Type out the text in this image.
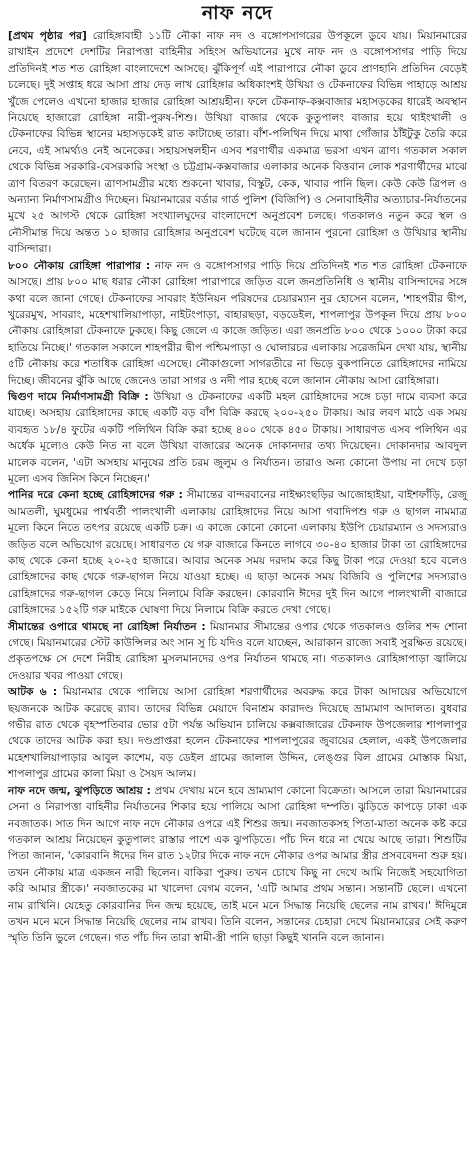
নাফ নদে

[প্রথম পৃষ্ঠার পর] রোহিঙ্গাবাহী ১১টি নৌকা নাফ নদ ও বঙ্গোপসাগরের উপকূলে ডুবে যায়। মিয়ানমারের রাখাইন প্রদেশে দেশটির নিরাপত্তা বাহিনীর সহিংস অভিযানের মুখে নাফ নদ ও বঙ্গোপসাগর পাড়ি দিয়ে প্রতিদিনই শত শত রোহিঙ্গা বাংলাদেশে আসছে। ঝুঁকিপূর্ণ এই পারাপারে নৌকা ডুবে প্রাণহানি প্রতিদিন বেড়েই চলেছে। দুই সপ্তাহ ধরে আসা প্রায় দেড় লাখ রোহিঙ্গার অধিকাংশই উখিয়া ও টেকনাফের বিভিন্ন পাহাড়ে আশ্রয় খুঁজে পেলেও এখনো হাজার হাজার রোহিঙ্গা আশ্রয়হীন। ফলে টেকনাফ-কক্সবাজার মহাসড়কের ধারেই অবস্থান নিয়েছে হাজারো রোহিঙ্গা নারী-পুরুষ-শিশু। উখিয়া বাজার থেকে কুতুপালং বাজার হয়ে থাইংখালী ও টেকনাফের বিভিন্ন স্থানের মহাসড়কেই রাত কাটাচ্ছে তারা। বাঁশ-পলিথিন দিয়ে মাথা গোঁজার ঠাঁইটুকু তৈরি করে নেবে, এই সামর্থ্যও নেই অনেকের। সহায়সম্বলহীন এসব শরণার্থীর একমাত্র ভরসা এখন ত্রাণ। গতকাল সকাল থেকে বিভিন্ন সরকারি-বেসরকারি সংস্থা ও চট্টগ্রাম-কক্সবাজার এলাকার অনেক বিত্তবান লোক শরণার্থীদের মাঝে ত্রাণ বিতরণ করেছেন। ত্রাণসামগ্রীর মধ্যে শুকনো খাবার, বিস্কুট, কেক, খাবার পানি ছিল। কেউ কেউ ত্রিপল ও অন্যান্য নির্মাণসামগ্রীও দিচ্ছেন। মিয়ানমারের বর্ডার গার্ড পুলিশ (বিজিপি) ও সেনাবাহিনীর অত্যাচার-নির্যাতনের মুখে ২৫ আগস্ট থেকে রোহিঙ্গা সংখ্যালঘুদের বাংলাদেশে অনুপ্রবেশ চলছে। গতকালও নতুন করে স্থল ও নৌসীমান্ত দিয়ে অন্তত ১০ হাজার রোহিঙ্গার অনুপ্রবেশ ঘটেছে বলে জানান পুরনো রোহিঙ্গা ও উখিয়ার স্থানীয় বাসিন্দারা।

৮০০ নৌকায় রোহিঙ্গা পারাপার : নাফ নদ ও বঙ্গোপসাগর পাড়ি দিয়ে প্রতিদিনই শত শত রোহিঙ্গা টেকনাফে আসছে। প্রায় ৮০০ মাছ ধরার নৌকা রোহিঙ্গা পারাপারে জড়িত বলে জনপ্রতিনিধি ও স্থানীয় বাসিন্দাদের সঙ্গে কথা বলে জানা গেছে। টেকনাফের সাবরাং ইউনিয়ন পরিষদের চেয়ারম্যান নুর হোসেন বলেন, 'শাহপরীর দ্বীপ, খুরেরমুখ, সাবরাং, মহেশখালিয়াপাড়া, নাইটংপাড়া, বাহারছড়া, বড়ডেইল, শাপলাপুর উপকূল দিয়ে প্রায় ৮০০ নৌকায় রোহিঙ্গারা টেকনাফে ঢুকছে। কিছু জেলে এ কাজে জড়িত। এরা জনপ্রতি ৮০০ থেকে ১০০০ টাকা করে হাতিয়ে নিচ্ছে।' গতকাল সকালে শাহপরীর দ্বীপ পশ্চিমপাড়া ও ঘোলারচর এলাকায় সরেজমিন দেখা যায়, স্থানীয় ৫টি নৌকায় করে শতাধিক রোহিঙ্গা এসেছে। নৌকাগুলো সাগরতীরে না ভিড়ে বুকপানিতে রোহিঙ্গাদের নামিয়ে দিচ্ছে। জীবনের ঝুঁকি আছে জেনেও তারা সাগর ও নদী পার হচ্ছে বলে জানান নৌকায় আসা রোহিঙ্গারা।

দ্বিগুণ দামে নির্মাণসামগ্রী বিক্রি : উখিয়া ও টেকনাফের একটি মহল রোহিঙ্গাদের সঙ্গে চড়া দামে ব্যবসা করে যাচ্ছে। অসহায় রোহিঙ্গাদের কাছে একটি বড় বাঁশ বিক্রি করছে ২০০-২৫০ টাকায়। আর লবণ মাঠে এক সময় ব্যবহৃত ১৮/৪ ফুটের একটি পলিথিন বিক্রি করা হচ্ছে ৪০০ থেকে ৪৫০ টাকায়। সাধারণত এসব পলিথিন এর অর্ধেক মূল্যেও কেউ নিত না বলে উখিয়া বাজারের অনেক দোকানদার তথ্য দিয়েছেন। দোকানদার আবদুল মালেক বলেন, 'এটা অসহায় মানুষের প্রতি চরম জুলুম ও নির্যাতন। তারাও অন্য কোনো উপায় না দেখে চড়া মূল্যে এসব জিনিস কিনে নিচ্ছেন।'

পানির দরে কেনা হচ্ছে রোহিঙ্গাদের গরু : সীমান্তের বান্দরবানের নাইক্ষ্যংছড়ির আজোহাইয়া, বাইশফাঁড়ি, রেজু আমতলী, ঘুমধুমের পার্শ্ববর্তী পালংখালী এলাকায় রোহিঙ্গাদের নিয়ে আসা গবাদিপশু গরু ও ছাগল নামমাত্র মূল্যে কিনে নিতে তৎপর রয়েছে একটি চক্র। এ কাজে কোনো কোনো এলাকায় ইউপি চেয়ারম্যান ও সদস্যরাও জড়িত বলে অভিযোগ রয়েছে। সাধারণত যে গরু বাজারে কিনতে লাগবে ৩০-৪০ হাজার টাকা তা রোহিঙ্গাদের কাছ থেকে কেনা হচ্ছে ২০-২৫ হাজারে। আবার অনেক সময় দরদাম করে কিছু টাকা পরে দেওয়া হবে বলেও রোহিঙ্গাদের কাছ থেকে গরু-ছাগল নিয়ে যাওয়া হচ্ছে। এ ছাড়া অনেক সময় বিজিবি ও পুলিশের সদস্যরাও রোহিঙ্গাদের গরু-ছাগল কেড়ে নিয়ে নিলামে বিক্রি করছেন। কোরবানি ঈদের দুই দিন আগে পালংখালী বাজারে রোহিঙ্গাদের ১৫২টি গরু মাইকে ঘোষণা দিয়ে নিলামে বিক্রি করতে দেখা গেছে।

সীমান্তের ওপারে থামছে না রোহিঙ্গা নির্যাতন : মিয়ানমার সীমান্তের ওপার থেকে গতকালও গুলির শব্দ শোনা গেছে। মিয়ানমারের স্টেট কাউন্সিলর অং সান সু চি যদিও বলে যাচ্ছেন, আরাকান রাজ্যে সবাই সুরক্ষিত রয়েছে। প্রকৃতপক্ষে সে দেশে নিরীহ রোহিঙ্গা মুসলমানদের ওপর নির্যাতন থামছে না। গতকালও রোহিঙ্গাপাড়া জ্বালিয়ে দেওয়ার খবর পাওয়া গেছে।

আটক ৬ : মিয়ানমার থেকে পালিয়ে আসা রোহিঙ্গা শরণার্থীদের অবরুদ্ধ করে টাকা আদায়ের অভিযোগে ছয়জনকে আটক করেছে র‌্যাব। তাদের বিভিন্ন মেয়াদে বিনাশ্রম কারাদণ্ড দিয়েছে ভ্রাম্যমাণ আদালত। বুধবার গভীর রাত থেকে বৃহস্পতিবার ভোর ৫টা পর্যন্ত অভিযান চালিয়ে কক্সবাজারের টেকনাফ উপজেলার শাপলাপুর থেকে তাদের আটক করা হয়। দণ্ডপ্রাপ্তরা হলেন টেকনাফের শাপলাপুরের জুবায়ের হেলাল, একই উপজেলার মহেশখালিয়াপাড়ার আবুল কাশেম, বড় ডেইল গ্রামের জালাল উদ্দিন, লেঙ্গুর বিল গ্রামের মোস্তাক মিয়া, শাপলাপুর গ্রামের কালা মিয়া ও সৈয়দ আলম।

নাফ নদে জন্ম, ঝুপড়িতে আশ্রয় : প্রথম দেখায় মনে হবে ভ্রাম্যমাণ কোনো বিক্রেতা। আসলে তারা মিয়ানমারের সেনা ও নিরাপত্তা বাহিনীর নির্যাতনের শিকার হয়ে পালিয়ে আসা রোহিঙ্গা দম্পতি। ঝুড়িতে কাপড়ে ঢাকা এক নবজাতক। সাত দিন আগে নাফ নদে নৌকার ওপরে এই শিশুর জন্ম। নবজাতকসহ পিতা-মাতা অনেক কষ্ট করে গতকাল আশ্রয় নিয়েছেন কুতুপালং রাস্তার পাশে এক ঝুপড়িতে। পাঁচ দিন ধরে না খেয়ে আছে তারা। শিশুটির পিতা জানান, 'কোরবানি ঈদের দিন রাত ১২টার দিকে নাফ নদে নৌকার ওপর আমার স্ত্রীর প্রসববেদনা শুরু হয়। তখন নৌকায় মাত্র একজন নারী ছিলেন। বাকিরা পুরুষ। তখন চোখে কিছু না দেখে আমি নিজেই সহযোগিতা করি আমার স্ত্রীকে।' নবজাতকের মা খালেদা বেগম বলেন, 'এটি আমার প্রথম সন্তান। সন্তানটি ছেলে। এখনো নাম রাখিনি। যেহেতু কোরবানির দিন জন্ম হয়েছে, তাই মনে মনে সিদ্ধান্ত নিয়েছি ছেলের নাম রাখব।' ঈদিমুন্নে তখন মনে মনে সিদ্ধান্ত নিয়েছি ছেলের নাম রাখব। তিনি বলেন, সন্তানের চেহারা দেখে মিয়ানমারের সেই করুণ স্মৃতি তিনি ভুলে গেছেন। গত পাঁচ দিন তারা স্বামী-স্ত্রী পানি ছাড়া কিছুই খাননি বলে জানান।
